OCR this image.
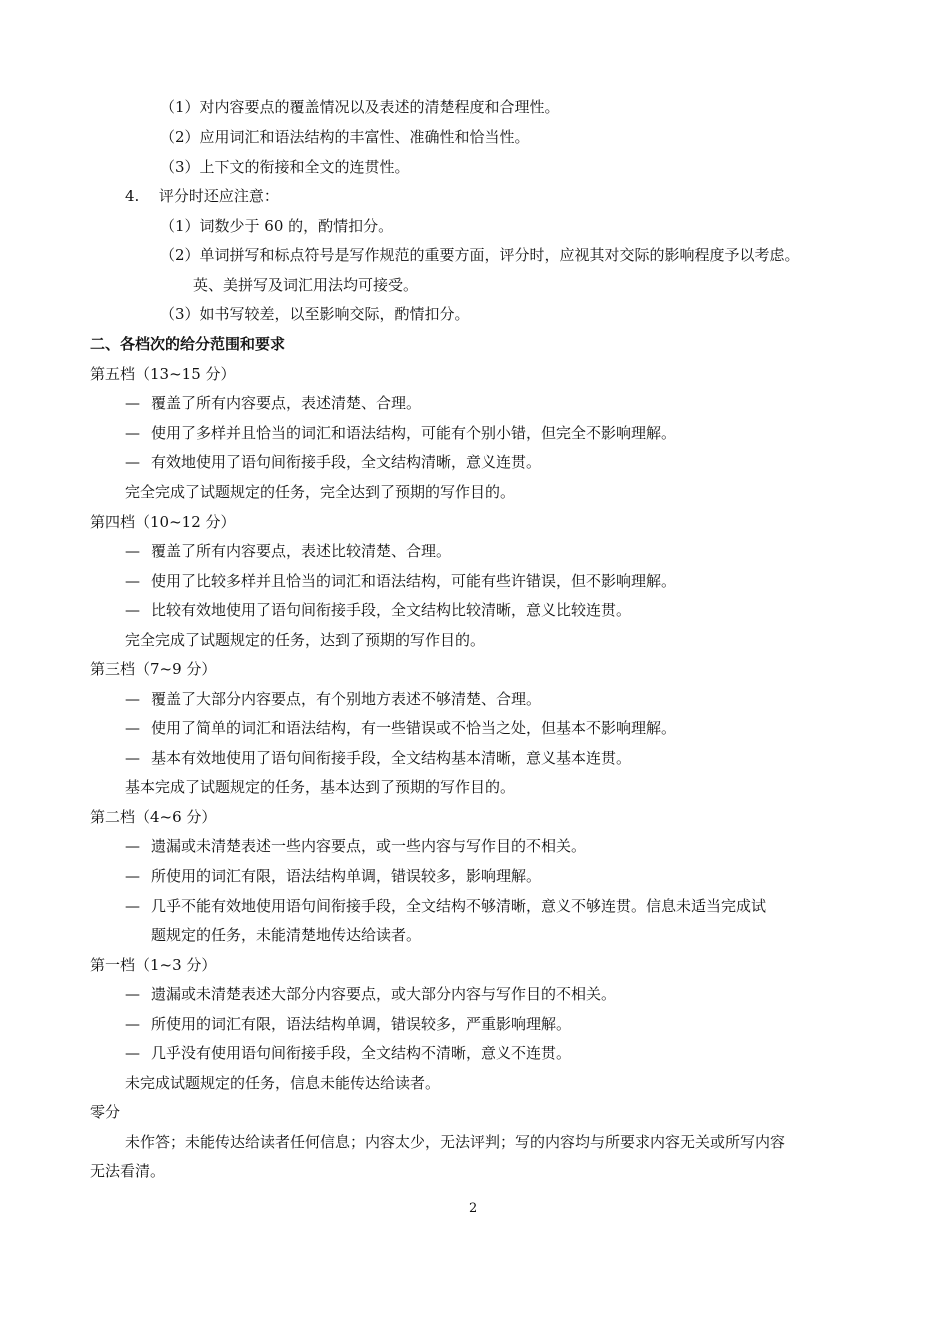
（1）对内容要点的覆盖情况以及表述的清楚程度和合理性。
（2）应用词汇和语法结构的丰富性、准确性和恰当性。
（3）上下文的衔接和全文的连贯性。
4. 评分时还应注意：
（1）词数少于 60 的，酌情扣分。
（2）单词拼写和标点符号是写作规范的重要方面，评分时，应视其对交际的影响程度予以考虑。
英、美拼写及词汇用法均可接受。
（3）如书写较差，以至影响交际，酌情扣分。
二、各档次的给分范围和要求
第五档（13~15 分）
— 覆盖了所有内容要点，表述清楚、合理。
— 使用了多样并且恰当的词汇和语法结构，可能有个别小错，但完全不影响理解。
— 有效地使用了语句间衔接手段，全文结构清晰，意义连贯。
完全完成了试题规定的任务，完全达到了预期的写作目的。
第四档（10~12 分）
— 覆盖了所有内容要点，表述比较清楚、合理。
— 使用了比较多样并且恰当的词汇和语法结构，可能有些许错误，但不影响理解。
— 比较有效地使用了语句间衔接手段，全文结构比较清晰，意义比较连贯。
完全完成了试题规定的任务，达到了预期的写作目的。
第三档（7~9 分）
— 覆盖了大部分内容要点，有个别地方表述不够清楚、合理。
— 使用了简单的词汇和语法结构，有一些错误或不恰当之处，但基本不影响理解。
— 基本有效地使用了语句间衔接手段，全文结构基本清晰，意义基本连贯。
基本完成了试题规定的任务，基本达到了预期的写作目的。
第二档（4~6 分）
— 遗漏或未清楚表述一些内容要点，或一些内容与写作目的不相关。
— 所使用的词汇有限，语法结构单调，错误较多，影响理解。
— 几乎不能有效地使用语句间衔接手段，全文结构不够清晰，意义不够连贯。信息未适当完成试
题规定的任务，未能清楚地传达给读者。
第一档（1~3 分）
— 遗漏或未清楚表述大部分内容要点，或大部分内容与写作目的不相关。
— 所使用的词汇有限，语法结构单调，错误较多，严重影响理解。
— 几乎没有使用语句间衔接手段，全文结构不清晰，意义不连贯。
未完成试题规定的任务，信息未能传达给读者。
零分
未作答；未能传达给读者任何信息；内容太少，无法评判；写的内容均与所要求内容无关或所写内容
无法看清。
2
